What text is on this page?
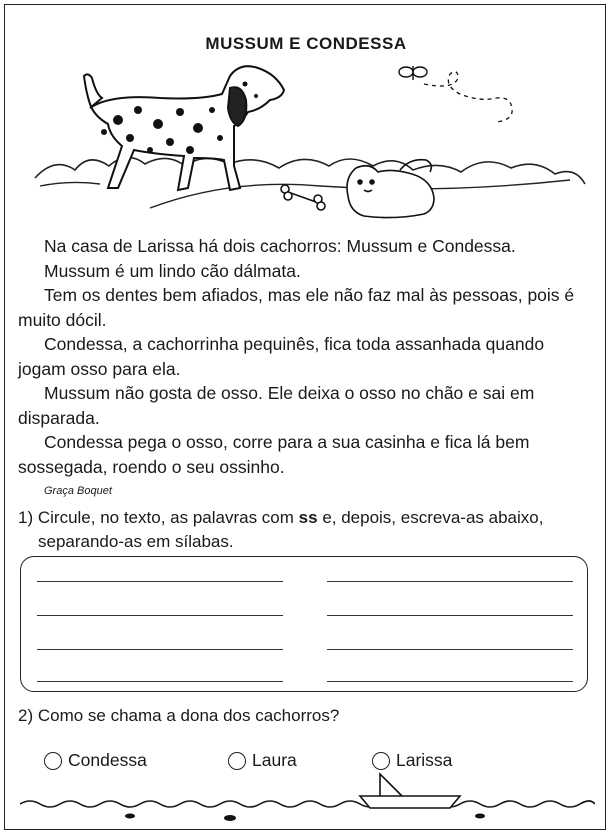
MUSSUM E CONDESSA

Na casa de Larissa há dois cachorros: Mussum e Condessa.

Mussum é um lindo cão dálmata.

Tem os dentes bem afiados, mas ele não faz mal às pessoas, pois é muito dócil.

Condessa, a cachorrinha pequinês, fica toda assanhada quando jogam osso para ela.

Mussum não gosta de osso. Ele deixa o osso no chão e sai em disparada.

Condessa pega o osso, corre para a sua casinha e fica lá bem sossegada, roendo o seu ossinho.

Graça Boquet
1) Circule, no texto, as palavras com ss e, depois, escreva-as abaixo,
separando-as em sílabas.
2) Como se chama a dona dos cachorros?
Condessa	Laura	Larissa
